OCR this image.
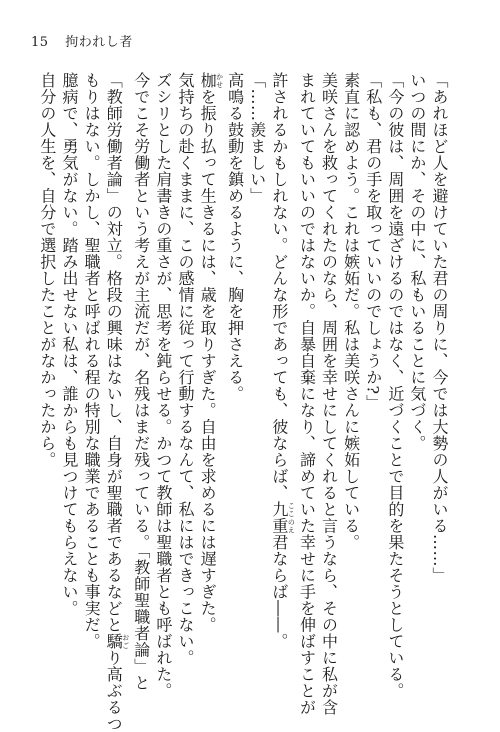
15 拘われし者
「あれほど人を避けていた君の周りに、今では大勢の人がいる……」
いつの間にか、その中に、私もいることに気づく。
「今の彼は、周囲を遠ざけるのではなく、近づくことで目的を果たそうとしている。
「私も、君の手を取っていいのでしょうか?」
素直に認めよう。これは嫉妬だ。私は美咲さんに嫉妬している。
美咲さんを救ってくれたのなら、周囲を幸せにしてくれると言うなら、その中に私が含
まれていてもいいのではないか。自暴自棄になり、諦めていた幸せに手を伸ばすことが
許されるかもしれない。どんな形であっても、彼ならば、九重ここのえ君ならば――。
「……羨ましい」
高鳴る鼓動を鎮めるように、胸を押さえる。
枷かせを振り払って生きるには、歳を取りすぎた。自由を求めるには遅すぎた。
気持ちの赴くままに、この感情に従って行動するなんて、私にはできっこない。
ズシリとした肩書きの重さが、思考を鈍らせる。かつて教師は聖職者とも呼ばれた。
今でこそ労働者という考えが主流だが、名残はまだ残っている。「教師聖職者論」と
「教師労働者論」の対立。格段の興味はないし、自身が聖職者であるなどと驕おごり高ぶるつ
もりはない。しかし、聖職者と呼ばれる程の特別な職業であることも事実だ。
臆病で、勇気がない。踏み出せない私は、誰からも見つけてもらえない。
自分の人生を、自分で選択したことがなかったから。
